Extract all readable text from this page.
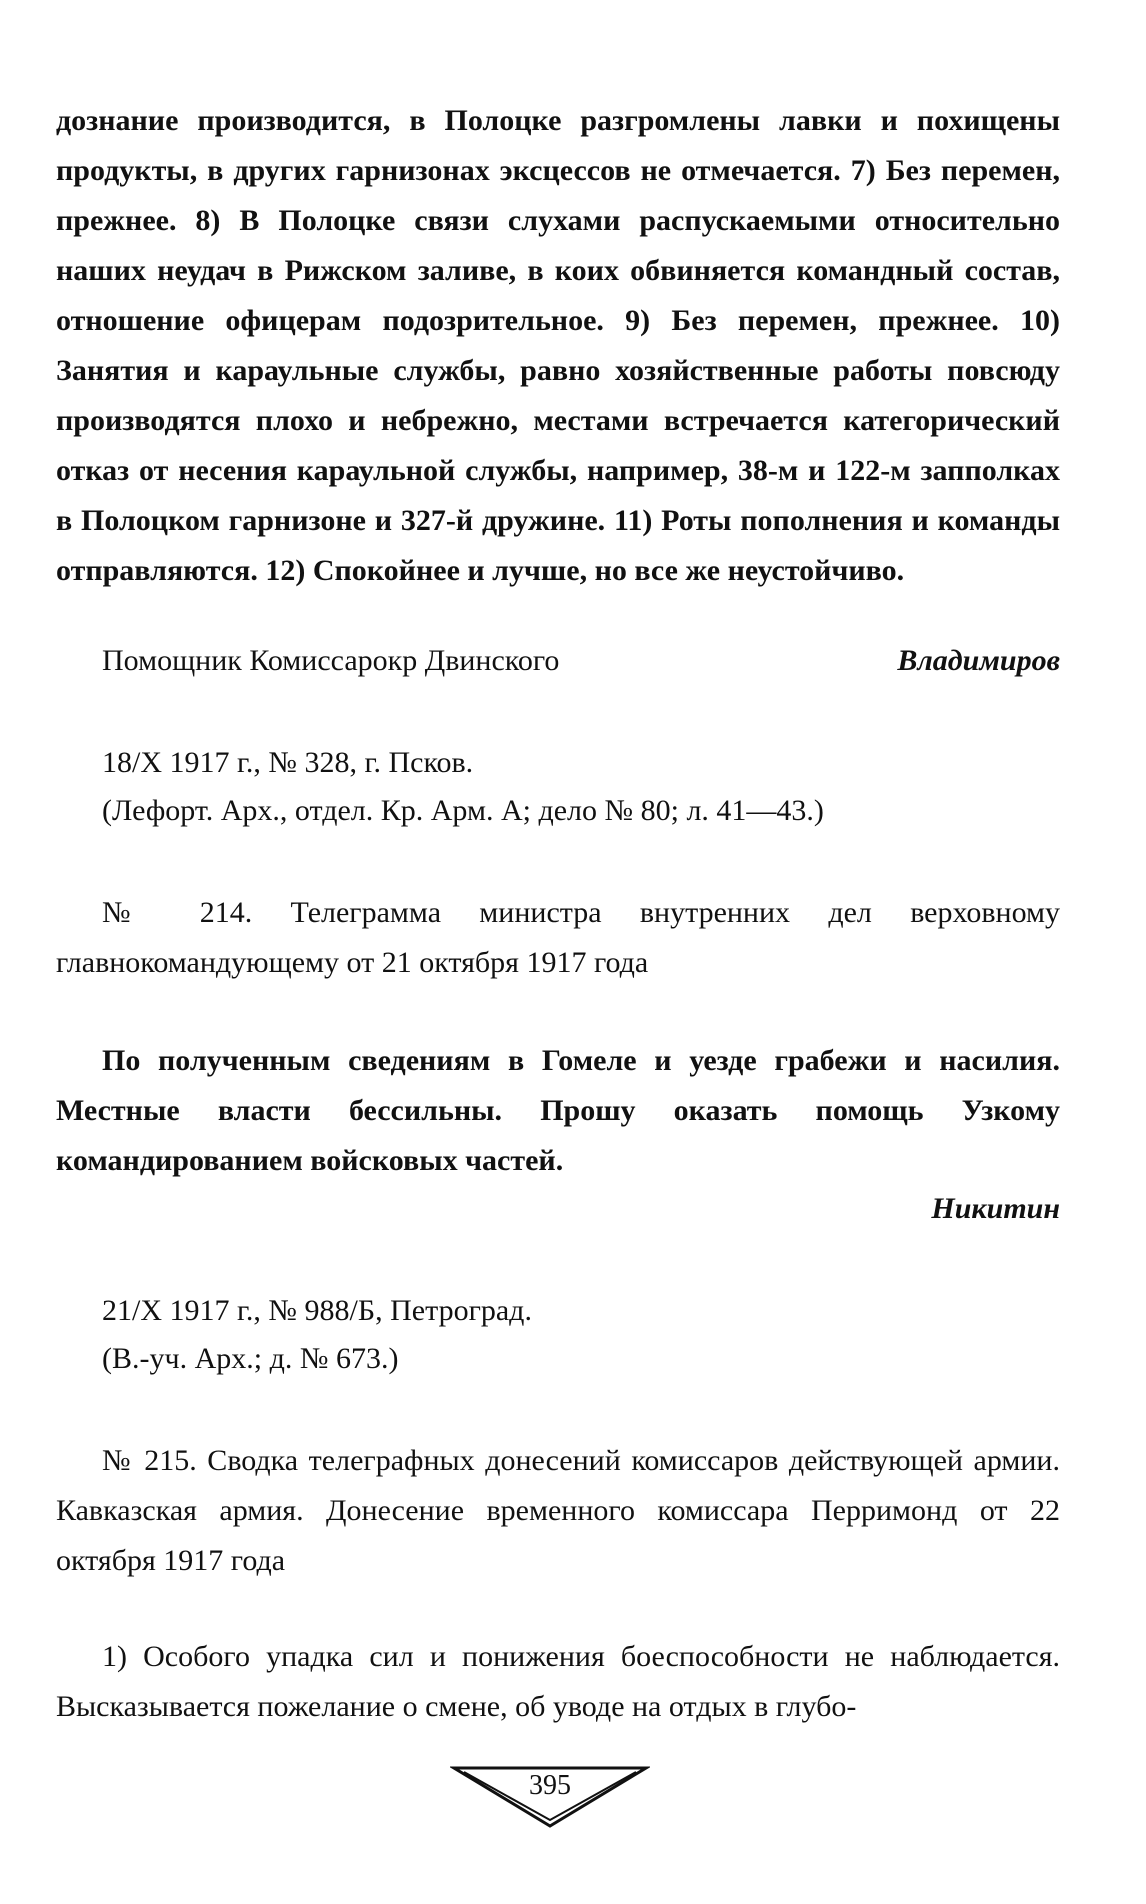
дознание производится, в Полоцке разгромлены лавки и похищены продукты, в других гарнизонах эксцессов не отмечается. 7) Без перемен, прежнее. 8) В Полоцке связи слухами распускаемыми относительно наших неудач в Рижском заливе, в коих обвиняется командный состав, отношение офицерам подозрительное. 9) Без перемен, прежнее. 10) Занятия и караульные службы, равно хозяйственные работы повсюду производятся плохо и небрежно, местами встречается категорический отказ от несения караульной службы, например, 38-м и 122-м запполках в Полоцком гарнизоне и 327-й дружине. 11) Роты пополнения и команды отправляются. 12) Спокойнее и лучше, но все же неустойчиво.
Помощник Комиссарокр Двинского	Владимиров
18/X 1917 г., № 328, г. Псков.
(Лефорт. Арх., отдел. Кр. Арм. А; дело № 80; л. 41—43.)
№ 214. Телеграмма министра внутренних дел верховному главнокомандующему от 21 октября 1917 года
По полученным сведениям в Гомеле и уезде грабежи и насилия. Местные власти бессильны. Прошу оказать помощь Узкому командированием войсковых частей.
Никитин
21/X 1917 г., № 988/Б, Петроград.
(В.-уч. Арх.; д. № 673.)
№ 215. Сводка телеграфных донесений комиссаров действующей армии. Кавказская армия. Донесение временного комиссара Перримонд от 22 октября 1917 года
1) Особого упадка сил и понижения боеспособности не наблюдается. Высказывается пожелание о смене, об уводе на отдых в глубо-
395
